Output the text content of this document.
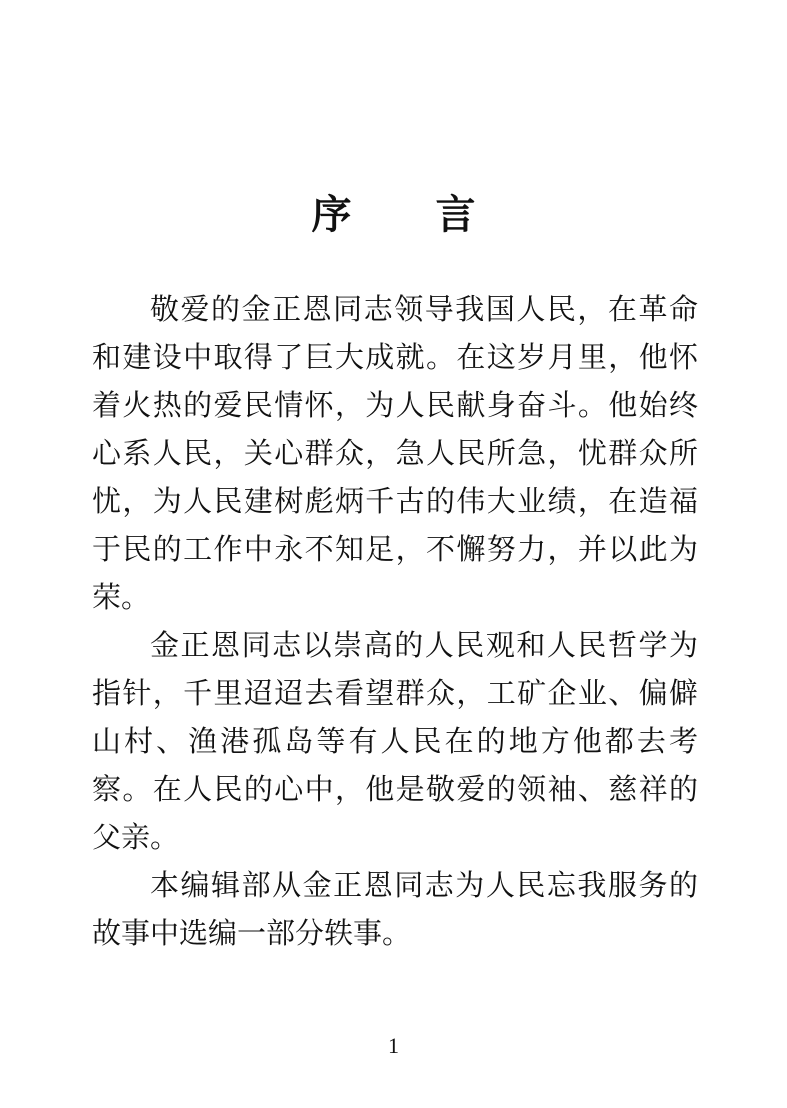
序 言

敬爱的金正恩同志领导我国人民，在革命和建设中取得了巨大成就。在这岁月里，他怀着火热的爱民情怀，为人民献身奋斗。他始终心系人民，关心群众，急人民所急，忧群众所忧，为人民建树彪炳千古的伟大业绩，在造福于民的工作中永不知足，不懈努力，并以此为荣。

金正恩同志以崇高的人民观和人民哲学为指针，千里迢迢去看望群众，工矿企业、偏僻山村、渔港孤岛等有人民在的地方他都去考察。在人民的心中，他是敬爱的领袖、慈祥的父亲。

本编辑部从金正恩同志为人民忘我服务的故事中选编一部分轶事。

1
